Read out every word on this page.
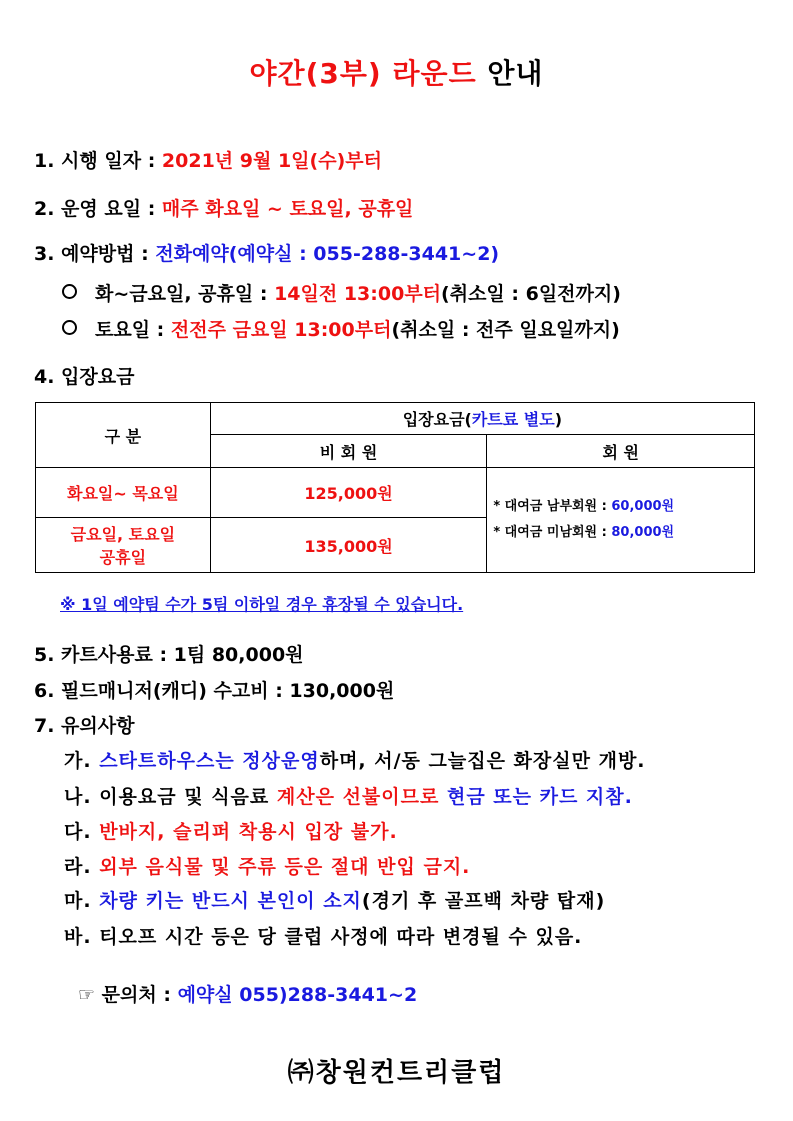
야간(3부) 라운드 안내
1. 시행 일자 : 2021년 9월 1일(수)부터
2. 운영 요일 : 매주 화요일 ~ 토요일, 공휴일
3. 예약방법 : 전화예약(예약실 : 055-288-3441~2)
화~금요일, 공휴일 : 14일전 13:00부터(취소일 : 6일전까지)
토요일 : 전전주 금요일 13:00부터(취소일 : 전주 일요일까지)
4. 입장요금
구 분	입장요금(카트료 별도)	
	비 회 원	회 원
화요일~ 목요일	125,000원	* 대여금 남부회원 : 60,000원
* 대여금 미남회원 : 80,000원

금요일, 토요일
공휴일	135,000원	
※ 1일 예약팀 수가 5팀 이하일 경우 휴장될 수 있습니다.
5. 카트사용료 : 1팀 80,000원
6. 필드매니저(캐디) 수고비 : 130,000원
7. 유의사항
가. 스타트하우스는 정상운영하며, 서/동 그늘집은 화장실만 개방.
나. 이용요금 및 식음료 계산은 선불이므로 현금 또는 카드 지참.
다. 반바지, 슬리퍼 착용시 입장 불가.
라. 외부 음식물 및 주류 등은 절대 반입 금지.
마. 차량 키는 반드시 본인이 소지(경기 후 골프백 차량 탑재)
바. 티오프 시간 등은 당 클럽 사정에 따라 변경될 수 있음.
☞ 문의처 : 예약실 055)288-3441~2
㈜창원컨트리클럽
